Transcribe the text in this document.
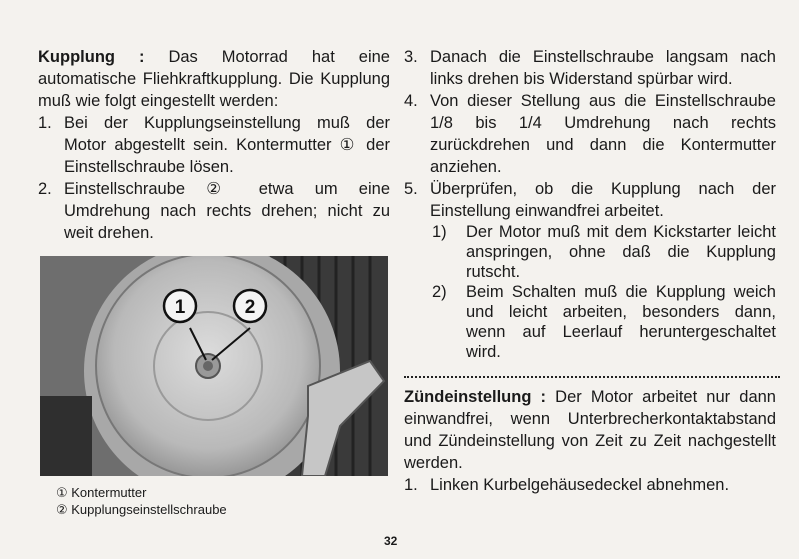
Kupplung : Das Motorrad hat eine automatische Fliehkraftkupplung. Die Kupplung muß wie folgt eingestellt werden:

1. Bei der Kupplungseinstellung muß der Motor abgestellt sein. Kontermutter ① der Einstellschraube lösen.
2. Einstellschraube ② etwa um eine Umdrehung nach rechts drehen; nicht zu weit drehen.
1	2
① Kontermutter
② Kupplungseinstellschraube
3. Danach die Einstellschraube langsam nach links drehen bis Widerstand spürbar wird.
4. Von dieser Stellung aus die Einstellschraube 1/8 bis 1/4 Umdrehung nach rechts zurückdrehen und dann die Kontermutter anziehen.
5. Überprüfen, ob die Kupplung nach der Einstellung einwandfrei arbeitet.
1) Der Motor muß mit dem Kickstarter leicht anspringen, ohne daß die Kupplung rutscht.
2) Beim Schalten muß die Kupplung weich und leicht arbeiten, besonders dann, wenn auf Leerlauf heruntergeschaltet wird.

Zündeinstellung : Der Motor arbeitet nur dann einwandfrei, wenn Unterbrecherkontaktabstand und Zündeinstellung von Zeit zu Zeit nachgestellt werden.

1. Linken Kurbelgehäusedeckel abnehmen.
32
